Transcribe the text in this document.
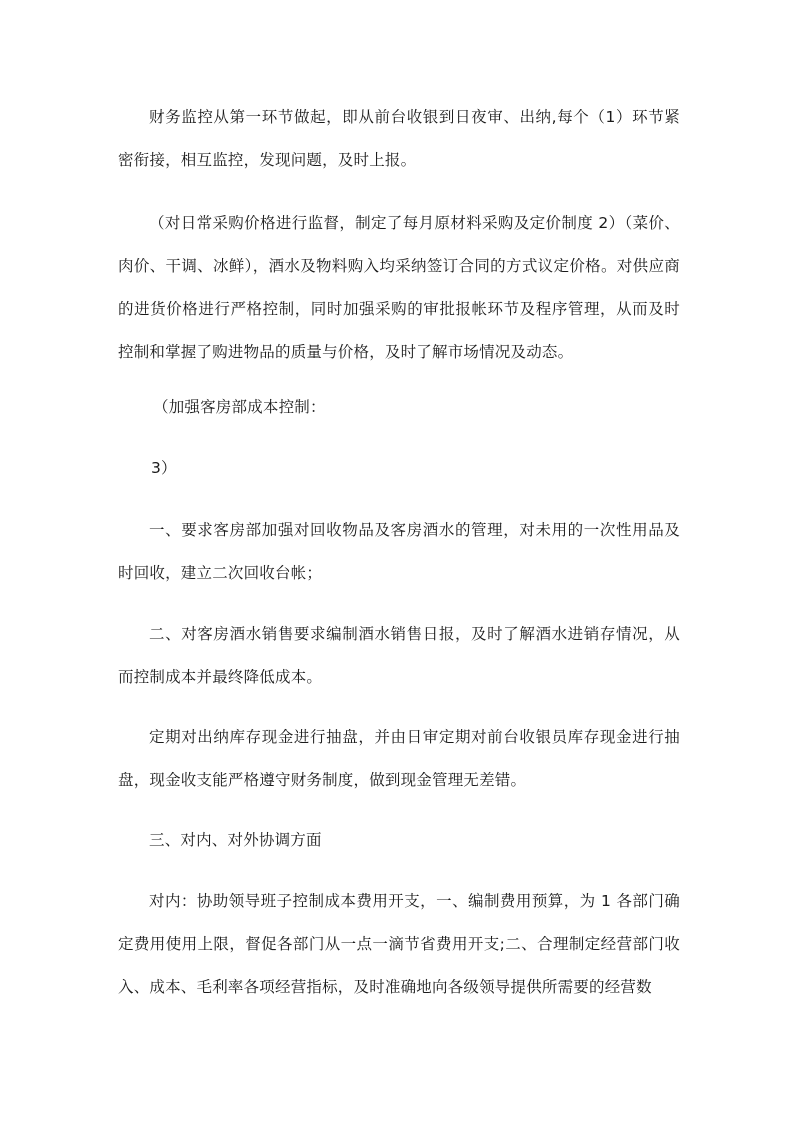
财务监控从第一环节做起，即从前台收银到日夜审、出纳,每个（1）环节紧密衔接，相互监控，发现问题，及时上报。

（对日常采购价格进行监督，制定了每月原材料采购及定价制度 2）（菜价、肉价、干调、冰鲜），酒水及物料购入均采纳签订合同的方式议定价格。对供应商的进货价格进行严格控制，同时加强采购的审批报帐环节及程序管理，从而及时控制和掌握了购进物品的质量与价格，及时了解市场情况及动态。

（加强客房部成本控制：

3）

一、要求客房部加强对回收物品及客房酒水的管理，对未用的一次性用品及时回收，建立二次回收台帐；

二、对客房酒水销售要求编制酒水销售日报，及时了解酒水进销存情况，从而控制成本并最终降低成本。

定期对出纳库存现金进行抽盘，并由日审定期对前台收银员库存现金进行抽盘，现金收支能严格遵守财务制度，做到现金管理无差错。

三、对内、对外协调方面

对内：协助领导班子控制成本费用开支，一、编制费用预算，为 1 各部门确定费用使用上限，督促各部门从一点一滴节省费用开支;二、合理制定经营部门收入、成本、毛利率各项经营指标，及时准确地向各级领导提供所需要的经营数
